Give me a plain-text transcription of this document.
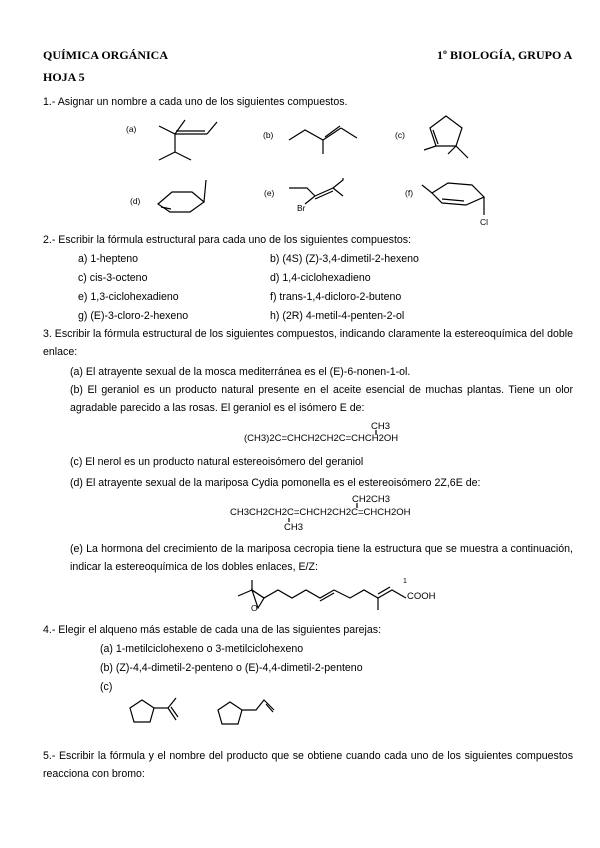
QUÍMICA ORGÁNICA	1º BIOLOGÍA, GRUPO A
HOJA 5
1.- Asignar un nombre a cada uno de los siguientes compuestos.
(a)
(b)	(c)
(d)
(e)
Br
(f)
Cl
2.- Escribir la fórmula estructural para cada uno de los siguientes compuestos:
a) 1-hepteno	b) (4S) (Z)-3,4-dimetil-2-hexeno
c) cis-3-octeno	d) 1,4-ciclohexadieno
e) 1,3-ciclohexadieno	f) trans-1,4-dicloro-2-buteno
g) (E)-3-cloro-2-hexeno	h) (2R) 4-metil-4-penten-2-ol
3. Escribir la fórmula estructural de los siguientes compuestos, indicando claramente la estereoquímica del doble enlace:
(a) El atrayente sexual de la mosca mediterránea es el (E)-6-nonen-1-ol.
(b) El geraniol es un producto natural presente en el aceite esencial de muchas plantas. Tiene un olor agradable parecido a las rosas. El geraniol es el isómero E de:
CH3
(CH3)2C=CHCH2CH2C=CHCH2OH
(c) El nerol es un producto natural estereoisómero del geraniol
(d) El atrayente sexual de la mariposa Cydia pomonella es el estereoisómero 2Z,6E de:
CH2CH3
CH3CH2CH2C=CHCH2CH2C=CHCH2OH
CH3
(e) La hormona del crecimiento de la mariposa cecropia tiene la estructura que se muestra a continuación, indicar la estereoquímica de los dobles enlaces, E/Z:
O
1
COOH
4.- Elegir el alqueno más estable de cada una de las siguientes parejas:
(a) 1-metilciclohexeno o 3-metilciclohexeno
(b) (Z)-4,4-dimetil-2-penteno o (E)-4,4-dimetil-2-penteno
(c)
5.- Escribir la fórmula y el nombre del producto que se obtiene cuando cada uno de los siguientes compuestos reacciona con bromo:
